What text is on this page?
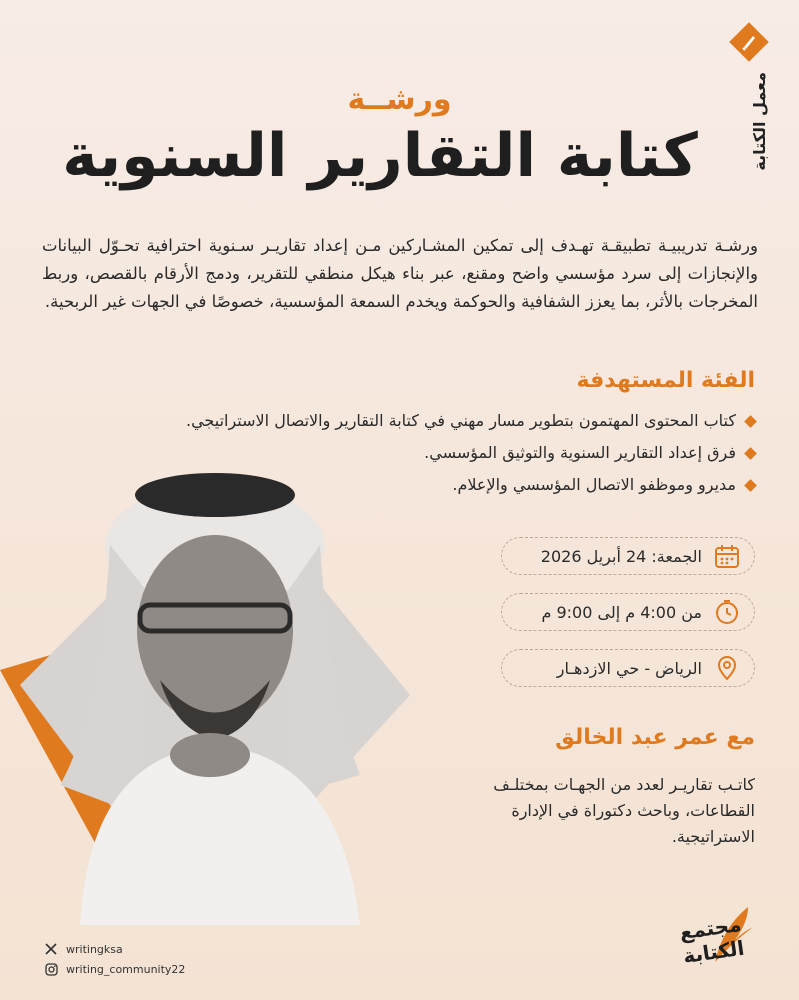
معمل الكتابة
ورشــة
كتابة التقارير السنوية
ورشـة تدريبيـة تطبيقـة تهـدف إلى تمكين المشـاركين مـن إعداد تقاريـر سـنوية احترافية تحـوّل البيانات والإنجازات إلى سرد مؤسسي واضح ومقنع، عبر بناء هيكل منطقي للتقرير، ودمج الأرقام بالقصص، وربط المخرجات بالأثر، بما يعزز الشفافية والحوكمة ويخدم السمعة المؤسسية، خصوصًا في الجهات غير الربحية.
الفئة المستهدفة
كتاب المحتوى المهتمون بتطوير مسار مهني في كتابة التقارير والاتصال الاستراتيجي.
فرق إعداد التقارير السنوية والتوثيق المؤسسي.
مديرو وموظفو الاتصال المؤسسي والإعلام.
الجمعة: 24 أبريل 2026
من 4:00 م إلى 9:00 م
الرياض - حي الازدهـار
مع عمر عبد الخالق
كاتـب تقاريـر لعدد من الجهـات بمختلـف القطاعات، وباحث دكتوراة في الإدارة الاستراتيجية.
writingksa
writing_community22
مجتمع
الكتابة
